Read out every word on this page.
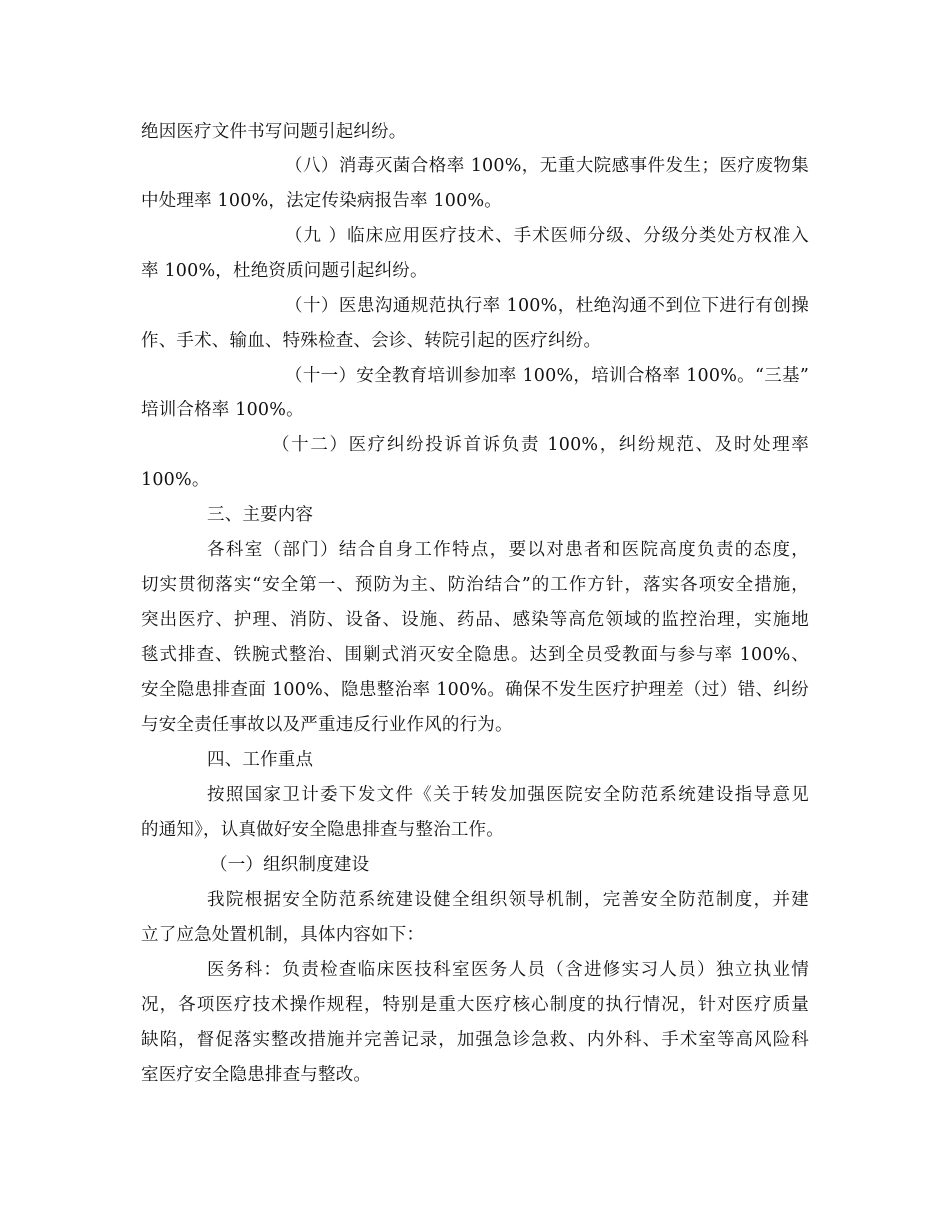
绝因医疗文件书写问题引起纠纷。
（八）消毒灭菌合格率 100%，无重大院感事件发生；医疗废物集
中处理率 100%，法定传染病报告率 100%。
（九 ）临床应用医疗技术、手术医师分级、分级分类处方权准入
率 100%，杜绝资质问题引起纠纷。
（十）医患沟通规范执行率 100%，杜绝沟通不到位下进行有创操
作、手术、输血、特殊检查、会诊、转院引起的医疗纠纷。
（十一）安全教育培训参加率 100%，培训合格率 100%。“三基”
培训合格率 100%。
（十二）医疗纠纷投诉首诉负责 100%，纠纷规范、及时处理率
100%。
三、主要内容
各科室（部门）结合自身工作特点，要以对患者和医院高度负责的态度，
切实贯彻落实“安全第一、预防为主、防治结合”的工作方针，落实各项安全措施，
突出医疗、护理、消防、设备、设施、药品、感染等高危领域的监控治理，实施地
毯式排查、铁腕式整治、围剿式消灭安全隐患。达到全员受教面与参与率 100%、
安全隐患排查面 100%、隐患整治率 100%。确保不发生医疗护理差（过）错、纠纷
与安全责任事故以及严重违反行业作风的行为。
四、工作重点
按照国家卫计委下发文件《关于转发加强医院安全防范系统建设指导意见
的通知》，认真做好安全隐患排查与整治工作。
（一）组织制度建设
我院根据安全防范系统建设健全组织领导机制，完善安全防范制度，并建
立了应急处置机制，具体内容如下：
医务科：负责检查临床医技科室医务人员（含进修实习人员）独立执业情
况，各项医疗技术操作规程，特别是重大医疗核心制度的执行情况，针对医疗质量
缺陷，督促落实整改措施并完善记录，加强急诊急救、内外科、手术室等高风险科
室医疗安全隐患排查与整改。
